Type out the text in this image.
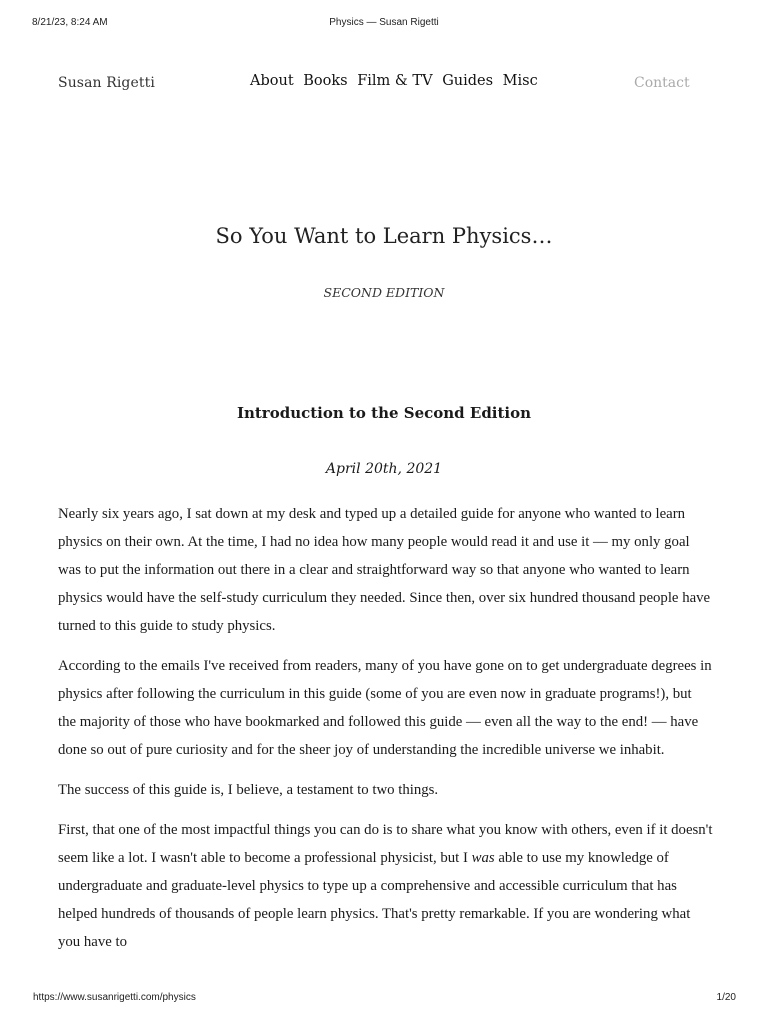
8/21/23, 8:24 AM	Physics — Susan Rigetti
Susan Rigetti	About Books Film & TV Guides Misc	Contact
So You Want to Learn Physics…
SECOND EDITION
Introduction to the Second Edition
April 20th, 2021

Nearly six years ago, I sat down at my desk and typed up a detailed guide for anyone who wanted to learn physics on their own. At the time, I had no idea how many people would read it and use it — my only goal was to put the information out there in a clear and straightforward way so that anyone who wanted to learn physics would have the self-study curriculum they needed. Since then, over six hundred thousand people have turned to this guide to study physics.

According to the emails I've received from readers, many of you have gone on to get undergraduate degrees in physics after following the curriculum in this guide (some of you are even now in graduate programs!), but the majority of those who have bookmarked and followed this guide — even all the way to the end! — have done so out of pure curiosity and for the sheer joy of understanding the incredible universe we inhabit.

The success of this guide is, I believe, a testament to two things.

First, that one of the most impactful things you can do is to share what you know with others, even if it doesn't seem like a lot. I wasn't able to become a professional physicist, but I was able to use my knowledge of undergraduate and graduate-level physics to type up a comprehensive and accessible curriculum that has helped hundreds of thousands of people learn physics. That's pretty remarkable. If you are wondering what you have to

https://www.susanrigetti.com/physics	1/20
